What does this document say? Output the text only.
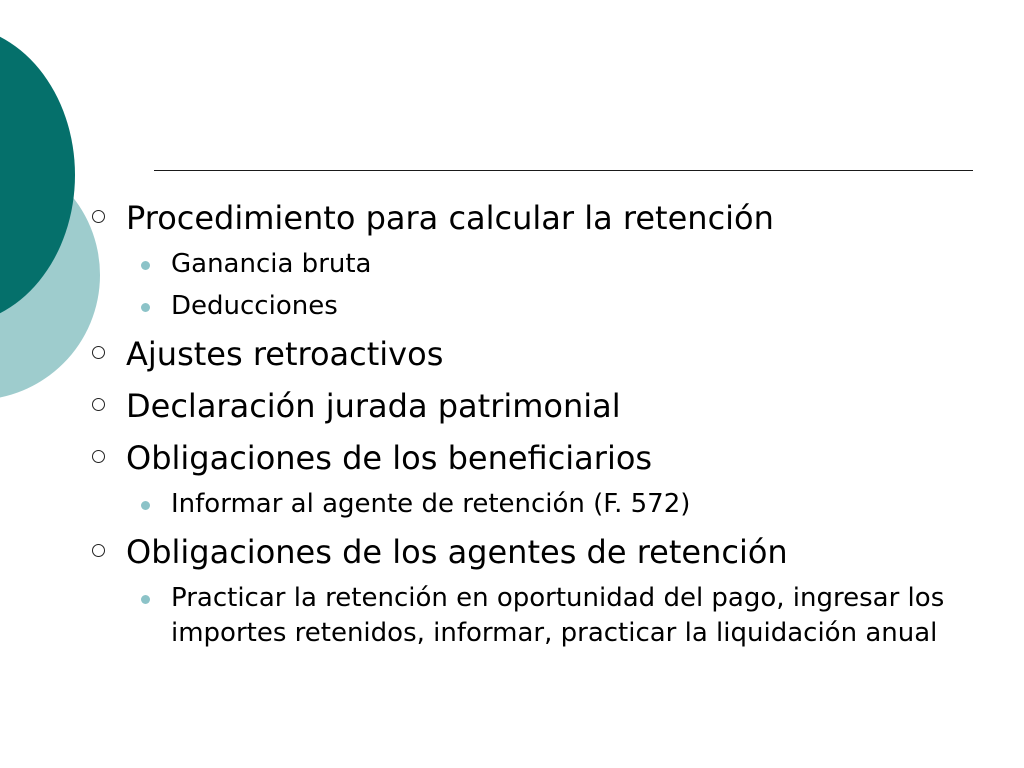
Procedimiento para calcular la retención
Ganancia bruta
Deducciones
Ajustes retroactivos
Declaración jurada patrimonial
Obligaciones de los beneficiarios
Informar al agente de retención (F. 572)
Obligaciones de los agentes de retención
Practicar la retención en oportunidad del pago, ingresar los importes retenidos, informar, practicar la liquidación anual
